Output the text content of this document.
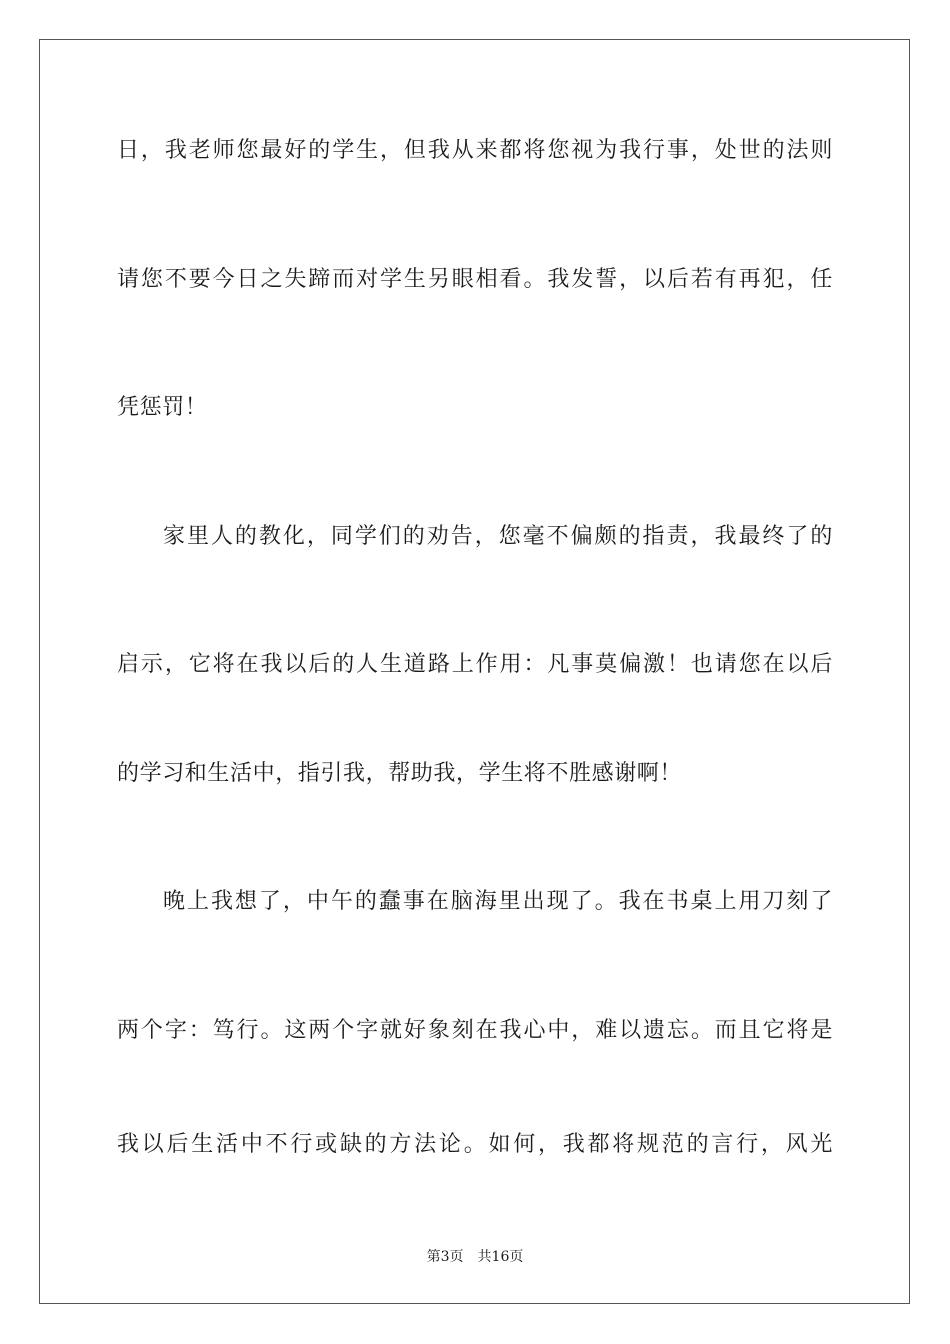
日，我老师您最好的学生，但我从来都将您视为我行事，处世的法则
请您不要今日之失蹄而对学生另眼相看。我发誓，以后若有再犯，任
凭惩罚！
家里人的教化，同学们的劝告，您毫不偏颇的指责，我最终了的
启示，它将在我以后的人生道路上作用：凡事莫偏激！也请您在以后
的学习和生活中，指引我，帮助我，学生将不胜感谢啊！
晚上我想了，中午的蠢事在脑海里出现了。我在书桌上用刀刻了
两个字：笃行。这两个字就好象刻在我心中，难以遗忘。而且它将是
我以后生活中不行或缺的方法论。如何，我都将规范的言行，风光
第3页　共16页
